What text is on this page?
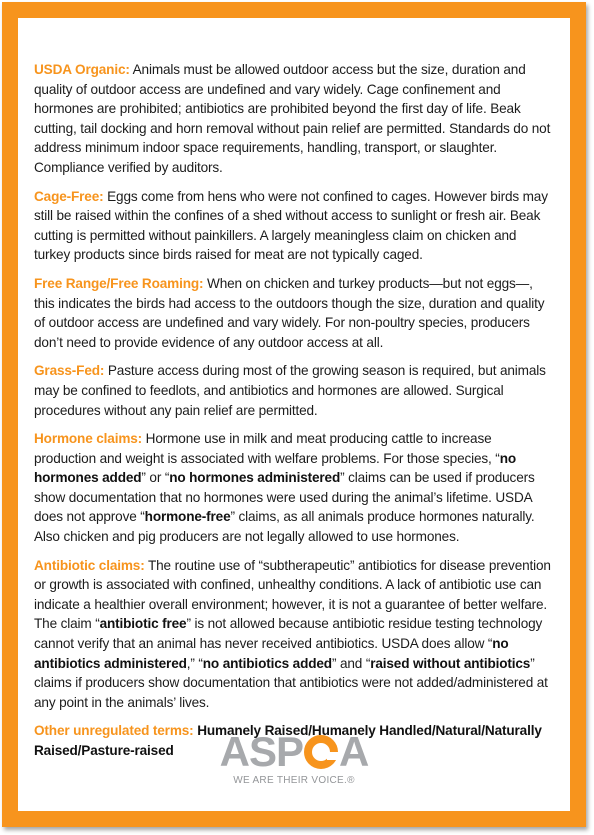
USDA Organic: Animals must be allowed outdoor access but the size, duration and quality of outdoor access are undefined and vary widely. Cage confinement and hormones are prohibited; antibiotics are prohibited beyond the first day of life. Beak cutting, tail docking and horn removal without pain relief are permitted. Standards do not address minimum indoor space requirements, handling, transport, or slaughter. Compliance verified by auditors.

Cage-Free: Eggs come from hens who were not confined to cages. However birds may still be raised within the confines of a shed without access to sunlight or fresh air. Beak cutting is permitted without painkillers. A largely meaningless claim on chicken and turkey products since birds raised for meat are not typically caged.

Free Range/Free Roaming: When on chicken and turkey products—but not eggs—, this indicates the birds had access to the outdoors though the size, duration and quality of outdoor access are undefined and vary widely. For non-poultry species, producers don’t need to provide evidence of any outdoor access at all.

Grass-Fed: Pasture access during most of the growing season is required, but animals may be confined to feedlots, and antibiotics and hormones are allowed. Surgical procedures without any pain relief are permitted.

Hormone claims: Hormone use in milk and meat producing cattle to increase production and weight is associated with welfare problems. For those species, “no hormones added” or “no hormones administered” claims can be used if producers show documentation that no hormones were used during the animal’s lifetime. USDA does not approve “hormone-free” claims, as all animals produce hormones naturally. Also chicken and pig producers are not legally allowed to use hormones.

Antibiotic claims: The routine use of “subtherapeutic” antibiotics for disease prevention or growth is associated with confined, unhealthy conditions. A lack of antibiotic use can indicate a healthier overall environment; however, it is not a guarantee of better welfare. The claim “antibiotic free” is not allowed because antibiotic residue testing technology cannot verify that an animal has never received antibiotics. USDA does allow “no antibiotics administered,” “no antibiotics added” and “raised without antibiotics” claims if producers show documentation that antibiotics were not added/administered at any point in the animals’ lives.

Other unregulated terms: Humanely Raised/Humanely Handled/Natural/Naturally Raised/Pasture-raised	ASP A
WE ARE THEIR VOICE.®
